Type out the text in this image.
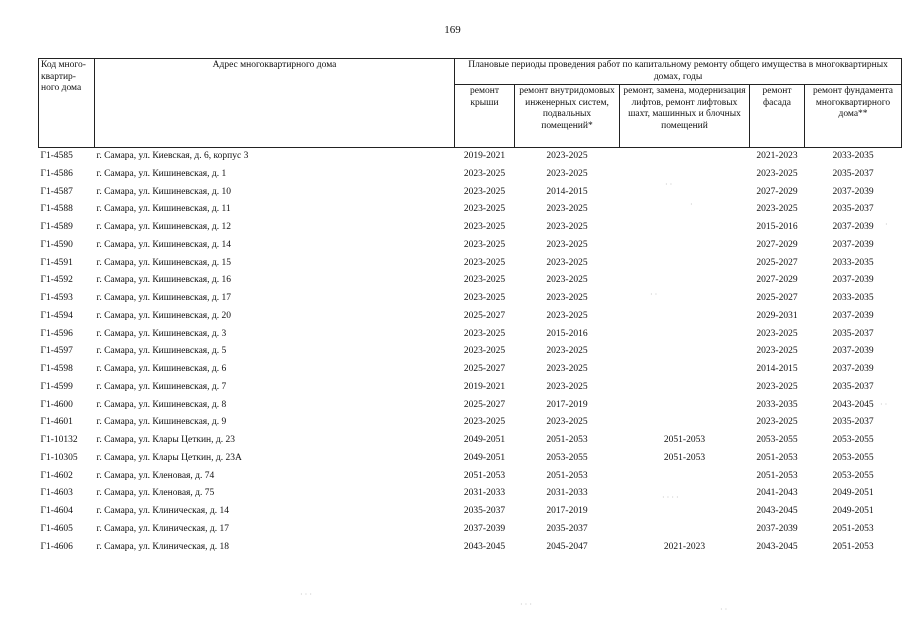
169
Код много-квартир-ного дома	Адрес многоквартирного дома	Плановые периоды проведения работ по капитальному ремонту общего имущества в многоквартирных домах, годы				
		ремонт крыши	ремонт внутридомовых инженерных систем, подвальных помещений*	ремонт, замена, модернизация лифтов, ремонт лифтовых шахт, машинных и блочных помещений	ремонт фасада	ремонт фундамента многоквартирного дома**
Г1-4585	г. Самара, ул. Киевская, д. 6, корпус 3	2019-2021	2023-2025		2021-2023	2033-2035
Г1-4586	г. Самара, ул. Кишиневская, д. 1	2023-2025	2023-2025		2023-2025	2035-2037
Г1-4587	г. Самара, ул. Кишиневская, д. 10	2023-2025	2014-2015		2027-2029	2037-2039
Г1-4588	г. Самара, ул. Кишиневская, д. 11	2023-2025	2023-2025		2023-2025	2035-2037
Г1-4589	г. Самара, ул. Кишиневская, д. 12	2023-2025	2023-2025		2015-2016	2037-2039
Г1-4590	г. Самара, ул. Кишиневская, д. 14	2023-2025	2023-2025		2027-2029	2037-2039
Г1-4591	г. Самара, ул. Кишиневская, д. 15	2023-2025	2023-2025		2025-2027	2033-2035
Г1-4592	г. Самара, ул. Кишиневская, д. 16	2023-2025	2023-2025		2027-2029	2037-2039
Г1-4593	г. Самара, ул. Кишиневская, д. 17	2023-2025	2023-2025		2025-2027	2033-2035
Г1-4594	г. Самара, ул. Кишиневская, д. 20	2025-2027	2023-2025		2029-2031	2037-2039
Г1-4596	г. Самара, ул. Кишиневская, д. 3	2023-2025	2015-2016		2023-2025	2035-2037
Г1-4597	г. Самара, ул. Кишиневская, д. 5	2023-2025	2023-2025		2023-2025	2037-2039
Г1-4598	г. Самара, ул. Кишиневская, д. 6	2025-2027	2023-2025		2014-2015	2037-2039
Г1-4599	г. Самара, ул. Кишиневская, д. 7	2019-2021	2023-2025		2023-2025	2035-2037
Г1-4600	г. Самара, ул. Кишиневская, д. 8	2025-2027	2017-2019		2033-2035	2043-2045
Г1-4601	г. Самара, ул. Кишиневская, д. 9	2023-2025	2023-2025		2023-2025	2035-2037
Г1-10132	г. Самара, ул. Клары Цеткин, д. 23	2049-2051	2051-2053	2051-2053	2053-2055	2053-2055
Г1-10305	г. Самара, ул. Клары Цеткин, д. 23А	2049-2051	2053-2055	2051-2053	2051-2053	2053-2055
Г1-4602	г. Самара, ул. Кленовая, д. 74	2051-2053	2051-2053		2051-2053	2053-2055
Г1-4603	г. Самара, ул. Кленовая, д. 75	2031-2033	2031-2033		2041-2043	2049-2051
Г1-4604	г. Самара, ул. Клиническая, д. 14	2035-2037	2017-2019		2043-2045	2049-2051
Г1-4605	г. Самара, ул. Клиническая, д. 17	2037-2039	2035-2037		2037-2039	2051-2053
Г1-4606	г. Самара, ул. Клиническая, д. 18	2043-2045	2045-2047	2021-2023	2043-2045	2051-2053
· ·
·
· ·
· · · ·
·
· ·
· · ·
· · ·
· ·
